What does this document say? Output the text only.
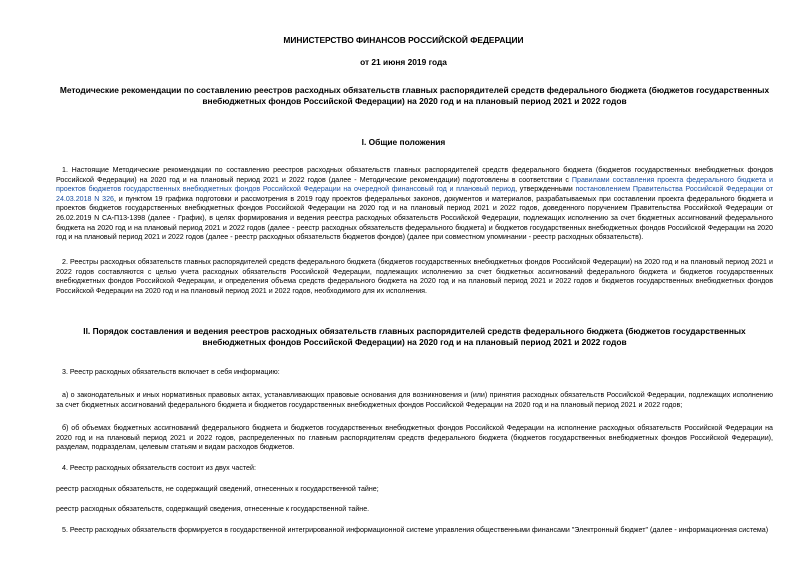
МИНИСТЕРСТВО ФИНАНСОВ РОССИЙСКОЙ ФЕДЕРАЦИИ
от 21 июня 2019 года
Методические рекомендации по составлению реестров расходных обязательств главных распорядителей средств федерального бюджета (бюджетов государственных внебюджетных фондов Российской Федерации) на 2020 год и на плановый период 2021 и 2022 годов
I. Общие положения

1. Настоящие Методические рекомендации по составлению реестров расходных обязательств главных распорядителей средств федерального бюджета (бюджетов государственных внебюджетных фондов Российской Федерации) на 2020 год и на плановый период 2021 и 2022 годов (далее - Методические рекомендации) подготовлены в соответствии с Правилами составления проекта федерального бюджета и проектов бюджетов государственных внебюджетных фондов Российской Федерации на очередной финансовый год и плановый период, утвержденными постановлением Правительства Российской Федерации от 24.03.2018 N 326, и пунктом 19 графика подготовки и рассмотрения в 2019 году проектов федеральных законов, документов и материалов, разрабатываемых при составлении проекта федерального бюджета и проектов бюджетов государственных внебюджетных фондов Российской Федерации на 2020 год и на плановый период 2021 и 2022 годов, доведенного поручением Правительства Российской Федерации от 26.02.2019 N СА-П13-1398 (далее - График), в целях формирования и ведения реестра расходных обязательств Российской Федерации, подлежащих исполнению за счет бюджетных ассигнований федерального бюджета на 2020 год и на плановый период 2021 и 2022 годов (далее - реестр расходных обязательств федерального бюджета) и бюджетов государственных внебюджетных фондов Российской Федерации на 2020 год и на плановый период 2021 и 2022 годов (далее - реестр расходных обязательств бюджетов фондов) (далее при совместном упоминании - реестр расходных обязательств).

2. Реестры расходных обязательств главных распорядителей средств федерального бюджета (бюджетов государственных внебюджетных фондов Российской Федерации) на 2020 год и на плановый период 2021 и 2022 годов составляются с целью учета расходных обязательств Российской Федерации, подлежащих исполнению за счет бюджетных ассигнований федерального бюджета и бюджетов государственных внебюджетных фондов Российской Федерации, и определения объема средств федерального бюджета на 2020 год и на плановый период 2021 и 2022 годов и бюджетов государственных внебюджетных фондов Российской Федерации на 2020 год и на плановый период 2021 и 2022 годов, необходимого для их исполнения.

II. Порядок составления и ведения реестров расходных обязательств главных распорядителей средств федерального бюджета (бюджетов государственных внебюджетных фондов Российской Федерации) на 2020 год и на плановый период 2021 и 2022 годов

3. Реестр расходных обязательств включает в себя информацию:

а) о законодательных и иных нормативных правовых актах, устанавливающих правовые основания для возникновения и (или) принятия расходных обязательств Российской Федерации, подлежащих исполнению за счет бюджетных ассигнований федерального бюджета и бюджетов государственных внебюджетных фондов Российской Федерации на 2020 год и на плановый период 2021 и 2022 годов;

б) об объемах бюджетных ассигнований федерального бюджета и бюджетов государственных внебюджетных фондов Российской Федерации на исполнение расходных обязательств Российской Федерации на 2020 год и на плановый период 2021 и 2022 годов, распределенных по главным распорядителям средств федерального бюджета (бюджетов государственных внебюджетных фондов Российской Федерации), разделам, подразделам, целевым статьям и видам расходов бюджетов.

4. Реестр расходных обязательств состоит из двух частей:

реестр расходных обязательств, не содержащий сведений, отнесенных к государственной тайне;

реестр расходных обязательств, содержащий сведения, отнесенные к государственной тайне.

5. Реестр расходных обязательств формируется в государственной интегрированной информационной системе управления общественными финансами "Электронный бюджет" (далее - информационная система)
